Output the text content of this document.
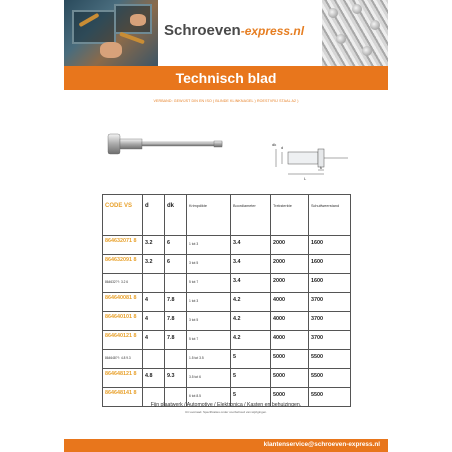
Schroeven-express.nl
Technisch blad
VERBAND: GEWIJST DIN EN ISO ( BLINDE KLINKNAGEL ) ROESTVRIJ STAAL A2 )
d
dk
k
L
CODE VS	d	dk	Krimpdikte	Boordiameter	Treksterkte	Schuifweerstand

864632071 8	3.2	6	1 tot 3	3.4	2000	1600

864632091 8	3.2	6	3 tot 5	3.4	2000	1600

864632??: 3.2 6			5 tot 7	3.4	2000	1600

864640081 8	4	7.8	1 tot 3	4.2	4000	3700

864640101 8	4	7.8	3 tot 5	4.2	4000	3700

864640121 8	4	7.8	5 tot 7	4.2	4000	3700

864648??: 4.8 9.3			1.5 tot 3.5	5	5000	5500

864648121 8	4.8	9.3	3.5 tot 6	5	5000	5500

864648141 8			6 tot 8.5	5	5000	5500
Fijn plaatwerk / Automotive / Elektronica / Kasten en behuizingen.
Uit voorraad. Specificaties onder voorbehoud van wijzigingen.
klantenservice@schroeven-express.nl
